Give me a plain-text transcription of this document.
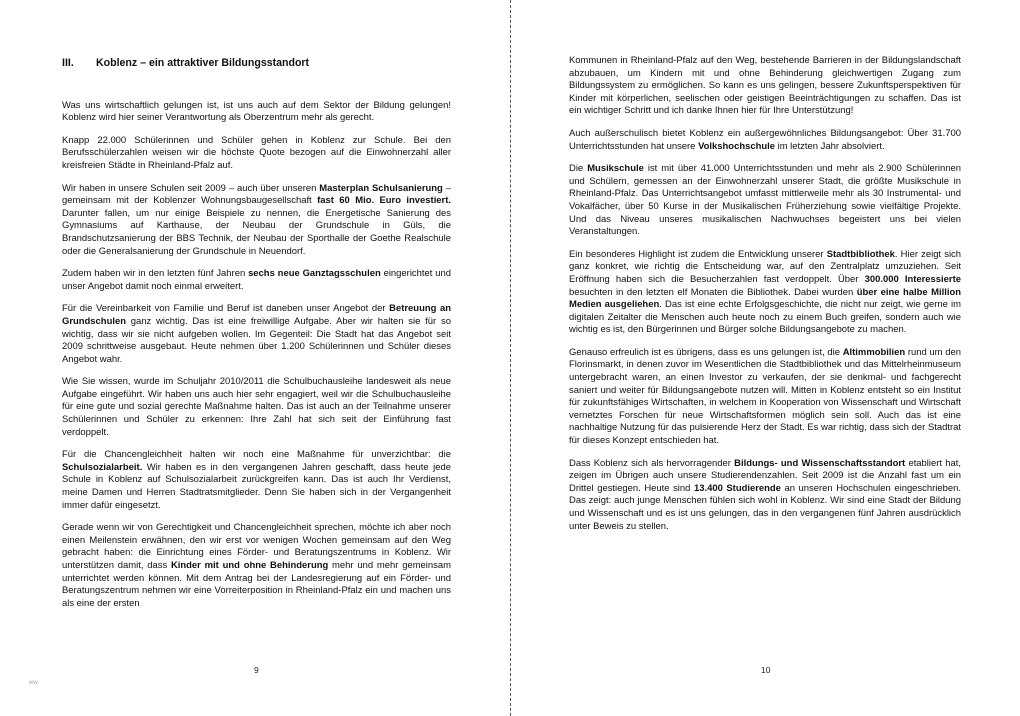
III.	Koblenz – ein attraktiver Bildungsstandort

Was uns wirtschaftlich gelungen ist, ist uns auch auf dem Sektor der Bildung gelungen! Koblenz wird hier seiner Verantwortung als Oberzentrum mehr als gerecht.

Knapp 22.000 Schülerinnen und Schüler gehen in Koblenz zur Schule. Bei den Berufsschülerzahlen weisen wir die höchste Quote bezogen auf die Einwohnerzahl aller kreisfreien Städte in Rheinland-Pfalz auf.

Wir haben in unsere Schulen seit 2009 – auch über unseren Masterplan Schulsanierung – gemeinsam mit der Koblenzer Wohnungsbaugesellschaft fast 60 Mio. Euro investiert. Darunter fallen, um nur einige Beispiele zu nennen, die Energetische Sanierung des Gymnasiums auf Karthause, der Neubau der Grundschule in Güls, die Brandschutzsanierung der BBS Technik, der Neubau der Sporthalle der Goethe Realschule oder die Generalsanierung der Grundschule in Neuendorf.

Zudem haben wir in den letzten fünf Jahren sechs neue Ganztagsschulen eingerichtet und unser Angebot damit noch einmal erweitert.

Für die Vereinbarkeit von Familie und Beruf ist daneben unser Angebot der Betreuung an Grundschulen ganz wichtig. Das ist eine freiwillige Aufgabe. Aber wir halten sie für so wichtig, dass wir sie nicht aufgeben wollen. Im Gegenteil: Die Stadt hat das Angebot seit 2009 schrittweise ausgebaut. Heute nehmen über 1.200 Schülerinnen und Schüler dieses Angebot wahr.

Wie Sie wissen, wurde im Schuljahr 2010/2011 die Schulbuchausleihe landesweit als neue Aufgabe eingeführt. Wir haben uns auch hier sehr engagiert, weil wir die Schulbuchausleihe für eine gute und sozial gerechte Maßnahme halten. Das ist auch an der Teilnahme unserer Schülerinnen und Schüler zu erkennen: Ihre Zahl hat sich seit der Einführung fast verdoppelt.

Für die Chancengleichheit halten wir noch eine Maßnahme für unverzichtbar: die Schulsozialarbeit. Wir haben es in den vergangenen Jahren geschafft, dass heute jede Schule in Koblenz auf Schulsozialarbeit zurückgreifen kann. Das ist auch Ihr Verdienst, meine Damen und Herren Stadtratsmitglieder. Denn Sie haben sich in der Vergangenheit immer dafür eingesetzt.

Gerade wenn wir von Gerechtigkeit und Chancengleichheit sprechen, möchte ich aber noch einen Meilenstein erwähnen, den wir erst vor wenigen Wochen gemeinsam auf den Weg gebracht haben: die Einrichtung eines Förder- und Beratungszentrums in Koblenz. Wir unterstützen damit, dass Kinder mit und ohne Behinderung mehr und mehr gemeinsam unterrichtet werden können. Mit dem Antrag bei der Landesregierung auf ein Förder- und Beratungszentrum nehmen wir eine Vorreiterposition in Rheinland-Pfalz ein und machen uns als eine der ersten

Kommunen in Rheinland-Pfalz auf den Weg, bestehende Barrieren in der Bildungslandschaft abzubauen, um Kindern mit und ohne Behinderung gleichwertigen Zugang zum Bildungssystem zu ermöglichen. So kann es uns gelingen, bessere Zukunftsperspektiven für Kinder mit körperlichen, seelischen oder geistigen Beeinträchtigungen zu schaffen. Das ist ein wichtiger Schritt und ich danke Ihnen hier für Ihre Unterstützung!

Auch außerschulisch bietet Koblenz ein außergewöhnliches Bildungsangebot: Über 31.700 Unterrichtsstunden hat unsere Volkshochschule im letzten Jahr absolviert.

Die Musikschule ist mit über 41.000 Unterrichtsstunden und mehr als 2.900 Schülerinnen und Schülern, gemessen an der Einwohnerzahl unserer Stadt, die größte Musikschule in Rheinland-Pfalz. Das Unterrichtsangebot umfasst mittlerweile mehr als 30 Instrumental- und Vokalfächer, über 50 Kurse in der Musikalischen Früherziehung sowie vielfältige Projekte. Und das Niveau unseres musikalischen Nachwuchses begeistert uns bei vielen Veranstaltungen.

Ein besonderes Highlight ist zudem die Entwicklung unserer Stadtbibliothek. Hier zeigt sich ganz konkret, wie richtig die Entscheidung war, auf den Zentralplatz umzuziehen. Seit Eröffnung haben sich die Besucherzahlen fast verdoppelt. Über 300.000 Interessierte besuchten in den letzten elf Monaten die Bibliothek. Dabei wurden über eine halbe Million Medien ausgeliehen. Das ist eine echte Erfolgsgeschichte, die nicht nur zeigt, wie gerne im digitalen Zeitalter die Menschen auch heute noch zu einem Buch greifen, sondern auch wie wichtig es ist, den Bürgerinnen und Bürger solche Bildungsangebote zu machen.

Genauso erfreulich ist es übrigens, dass es uns gelungen ist, die Altimmobilien rund um den Florinsmarkt, in denen zuvor im Wesentlichen die Stadtbibliothek und das Mittelrheinmuseum untergebracht waren, an einen Investor zu verkaufen, der sie denkmal- und fachgerecht saniert und weiter für Bildungsangebote nutzen will. Mitten in Koblenz entsteht so ein Institut für zukunftsfähiges Wirtschaften, in welchem in Kooperation von Wissenschaft und Wirtschaft vernetztes Forschen für neue Wirtschaftsformen möglich sein soll. Auch das ist eine nachhaltige Nutzung für das pulsierende Herz der Stadt. Es war richtig, dass sich der Stadtrat für dieses Konzept entschieden hat.

Dass Koblenz sich als hervorragender Bildungs- und Wissenschaftsstandort etabliert hat, zeigen im Übrigen auch unsere Studierendenzahlen. Seit 2009 ist die Anzahl fast um ein Drittel gestiegen. Heute sind 13.400 Studierende an unseren Hochschulen eingeschrieben. Das zeigt: auch junge Menschen fühlen sich wohl in Koblenz. Wir sind eine Stadt der Bildung und Wissenschaft und es ist uns gelungen, das in den vergangenen fünf Jahren ausdrücklich unter Beweis zu stellen.

9	10
ww
